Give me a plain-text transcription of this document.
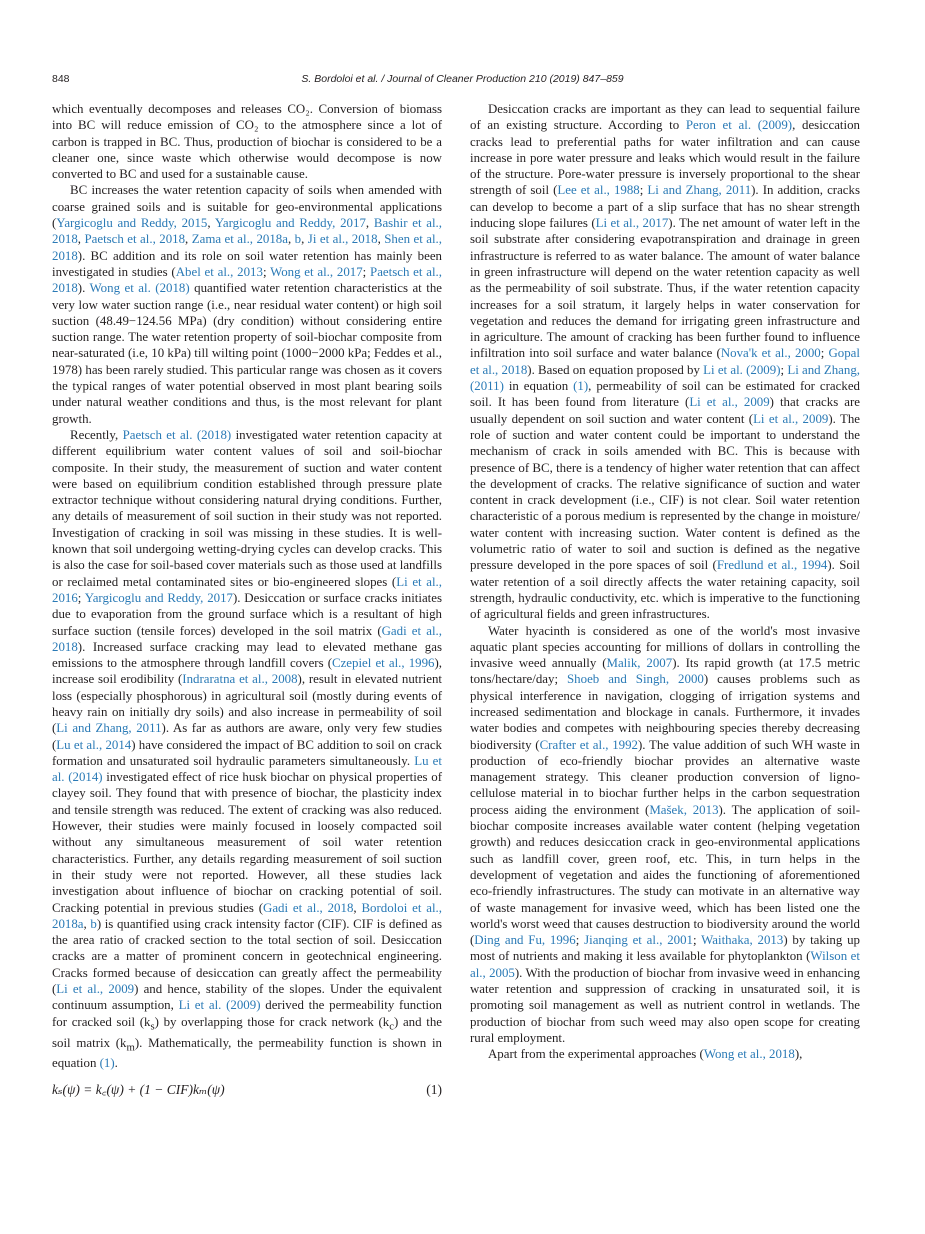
848	S. Bordoloi et al. / Journal of Cleaner Production 210 (2019) 847–859

which eventually decomposes and releases CO₂. Conversion of biomass into BC will reduce emission of CO₂ to the atmosphere since a lot of carbon is trapped in BC. Thus, production of biochar is considered to be a cleaner one, since waste which otherwise would decompose is now converted to BC and used for a sustainable cause.

BC increases the water retention capacity of soils when amended with coarse grained soils and is suitable for geo-environmental applications (Yargicoglu and Reddy, 2015, Yargicoglu and Reddy, 2017, Bashir et al., 2018, Paetsch et al., 2018, Zama et al., 2018a, b, Ji et al., 2018, Shen et al., 2018). BC addition and its role on soil water retention has mainly been investigated in studies (Abel et al., 2013; Wong et al., 2017; Paetsch et al., 2018). Wong et al. (2018) quantified water retention characteristics at the very low water suction range (i.e., near residual water content) or high soil suction (48.49−124.56 MPa) (dry condition) without considering entire suction range. The water retention property of soil-biochar composite from near-saturated (i.e, 10 kPa) till wilting point (1000−2000 kPa; Feddes et al., 1978) has been rarely studied. This particular range was chosen as it covers the typical ranges of water potential observed in most plant bearing soils under natural weather conditions and thus, is the most relevant for plant growth.

Recently, Paetsch et al. (2018) investigated water retention capacity at different equilibrium water content values of soil and soil-biochar composite. In their study, the measurement of suction and water content were based on equilibrium condition established through pressure plate extractor technique without considering natural drying conditions. Further, any details of measurement of soil suction in their study was not reported. Investigation of cracking in soil was missing in these studies. It is well-known that soil undergoing wetting-drying cycles can develop cracks. This is also the case for soil-based cover materials such as those used at landfills or reclaimed metal contaminated sites or bio-engineered slopes (Li et al., 2016; Yargicoglu and Reddy, 2017). Desiccation or surface cracks initiates due to evaporation from the ground surface which is a resultant of high surface suction (tensile forces) developed in the soil matrix (Gadi et al., 2018). Increased surface cracking may lead to elevated methane gas emissions to the atmosphere through landfill covers (Czepiel et al., 1996), increase soil erodibility (Indraratna et al., 2008), result in elevated nutrient loss (especially phosphorous) in agricultural soil (mostly during events of heavy rain on initially dry soils) and also increase in permeability of soil (Li and Zhang, 2011). As far as authors are aware, only very few studies (Lu et al., 2014) have considered the impact of BC addition to soil on crack formation and unsaturated soil hydraulic parameters simultaneously. Lu et al. (2014) investigated effect of rice husk biochar on physical properties of clayey soil. They found that with presence of biochar, the plasticity index and tensile strength was reduced. The extent of cracking was also reduced. However, their studies were mainly focused in loosely compacted soil without any simultaneous measurement of soil water retention characteristics. Further, any details regarding measurement of soil suction in their study were not reported. However, all these studies lack investigation about influence of biochar on cracking potential of soil. Cracking potential in previous studies (Gadi et al., 2018, Bordoloi et al., 2018a, b) is quantified using crack intensity factor (CIF). CIF is defined as the area ratio of cracked section to the total section of soil. Desiccation cracks are a matter of prominent concern in geotechnical engineering. Cracks formed because of desiccation can greatly affect the permeability (Li et al., 2009) and hence, stability of the slopes. Under the equivalent continuum assumption, Li et al. (2009) derived the permeability function for cracked soil $(k_s)$ by overlapping those for crack network $(k_c)$ and the soil matrix $(k_m)$. Mathematically, the permeability function is shown in equation (1).

kₛ(ψ) = k꜀(ψ) + (1 − CIF)kₘ(ψ)	(1)

Desiccation cracks are important as they can lead to sequential failure of an existing structure. According to Peron et al. (2009), desiccation cracks lead to preferential paths for water infiltration and can cause increase in pore water pressure and leaks which would result in the failure of the structure. Pore-water pressure is inversely proportional to the shear strength of soil (Lee et al., 1988; Li and Zhang, 2011). In addition, cracks can develop to become a part of a slip surface that has no shear strength inducing slope failures (Li et al., 2017). The net amount of water left in the soil substrate after considering evapotranspiration and drainage in green infrastructure is referred to as water balance. The amount of water balance in green infrastructure will depend on the water retention capacity as well as the permeability of soil substrate. Thus, if the water retention capacity increases for a soil stratum, it largely helps in water conservation for vegetation and reduces the demand for irrigating green infrastructure and in agriculture. The amount of cracking has been further found to influence infiltration into soil surface and water balance (Nova'k et al., 2000; Gopal et al., 2018). Based on equation proposed by Li et al. (2009); Li and Zhang, (2011) in equation (1), permeability of soil can be estimated for cracked soil. It has been found from literature (Li et al., 2009) that cracks are usually dependent on soil suction and water content (Li et al., 2009). The role of suction and water content could be important to understand the mechanism of crack in soils amended with BC. This is because with presence of BC, there is a tendency of higher water retention that can affect the development of cracks. The relative significance of suction and water content in crack development (i.e., CIF) is not clear. Soil water retention characteristic of a porous medium is represented by the change in moisture/ water content with increasing suction. Water content is defined as the volumetric ratio of water to soil and suction is defined as the negative pressure developed in the pore spaces of soil (Fredlund et al., 1994). Soil water retention of a soil directly affects the water retaining capacity, soil strength, hydraulic conductivity, etc. which is imperative to the functioning of agricultural fields and green infrastructures.

Water hyacinth is considered as one of the world's most invasive aquatic plant species accounting for millions of dollars in controlling the invasive weed annually (Malik, 2007). Its rapid growth (at 17.5 metric tons/hectare/day; Shoeb and Singh, 2000) causes problems such as physical interference in navigation, clogging of irrigation systems and increased sedimentation and blockage in canals. Furthermore, it invades water bodies and competes with neighbouring species thereby decreasing biodiversity (Crafter et al., 1992). The value addition of such WH waste in production of eco-friendly biochar provides an alternative waste management strategy. This cleaner production conversion of ligno-cellulose material in to biochar further helps in the carbon sequestration process aiding the environment (Mašek, 2013). The application of soil-biochar composite increases available water content (helping vegetation growth) and reduces desiccation crack in geo-environmental applications such as landfill cover, green roof, etc. This, in turn helps in the development of vegetation and aides the functioning of aforementioned eco-friendly infrastructures. The study can motivate in an alternative way of waste management for invasive weed, which has been listed one the world's worst weed that causes destruction to biodiversity around the world (Ding and Fu, 1996; Jianqing et al., 2001; Waithaka, 2013) by taking up most of nutrients and making it less available for phytoplankton (Wilson et al., 2005). With the production of biochar from invasive weed in enhancing water retention and suppression of cracking in unsaturated soil, it is promoting soil management as well as nutrient control in wetlands. The production of biochar from such weed may also open scope for creating rural employment.

Apart from the experimental approaches (Wong et al., 2018),
